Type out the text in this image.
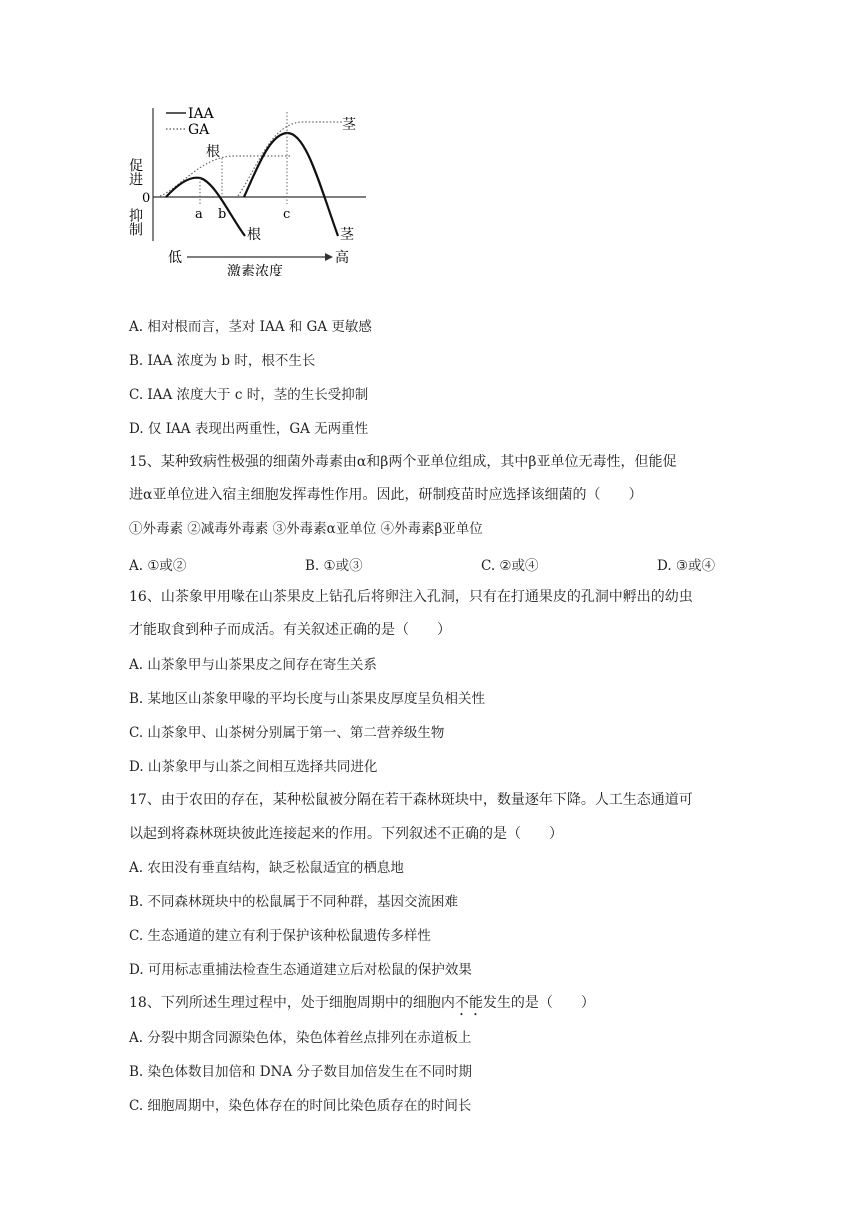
IAA
GA
促进
抑制
0
a b	c
根
茎
根	茎
低	高
激素浓度
A. 相对根而言，茎对 IAA 和 GA 更敏感
B. IAA 浓度为 b 时，根不生长
C. IAA 浓度大于 c 时，茎的生长受抑制
D. 仅 IAA 表现出两重性，GA 无两重性
15、某种致病性极强的细菌外毒素由α和β两个亚单位组成，其中β亚单位无毒性，但能促
进α亚单位进入宿主细胞发挥毒性作用。因此，研制疫苗时应选择该细菌的（　　）
①外毒素 ②减毒外毒素 ③外毒素α亚单位 ④外毒素β亚单位
A. ①或②	B. ①或③	C. ②或④	D. ③或④
16、山茶象甲用喙在山茶果皮上钻孔后将卵注入孔洞，只有在打通果皮的孔洞中孵出的幼虫
才能取食到种子而成活。有关叙述正确的是（　　）
A. 山茶象甲与山茶果皮之间存在寄生关系
B. 某地区山茶象甲喙的平均长度与山茶果皮厚度呈负相关性
C. 山茶象甲、山茶树分别属于第一、第二营养级生物
D. 山茶象甲与山茶之间相互选择共同进化
17、由于农田的存在，某种松鼠被分隔在若干森林斑块中，数量逐年下降。人工生态通道可
以起到将森林斑块彼此连接起来的作用。下列叙述不正确的是（　　）
A. 农田没有垂直结构，缺乏松鼠适宜的栖息地
B. 不同森林斑块中的松鼠属于不同种群，基因交流困难
C. 生态通道的建立有利于保护该种松鼠遗传多样性
D. 可用标志重捕法检查生态通道建立后对松鼠的保护效果
18、下列所述生理过程中，处于细胞周期中的细胞内不能发生的是（　　）
A. 分裂中期含同源染色体，染色体着丝点排列在赤道板上
B. 染色体数目加倍和 DNA 分子数目加倍发生在不同时期
C. 细胞周期中，染色体存在的时间比染色质存在的时间长
